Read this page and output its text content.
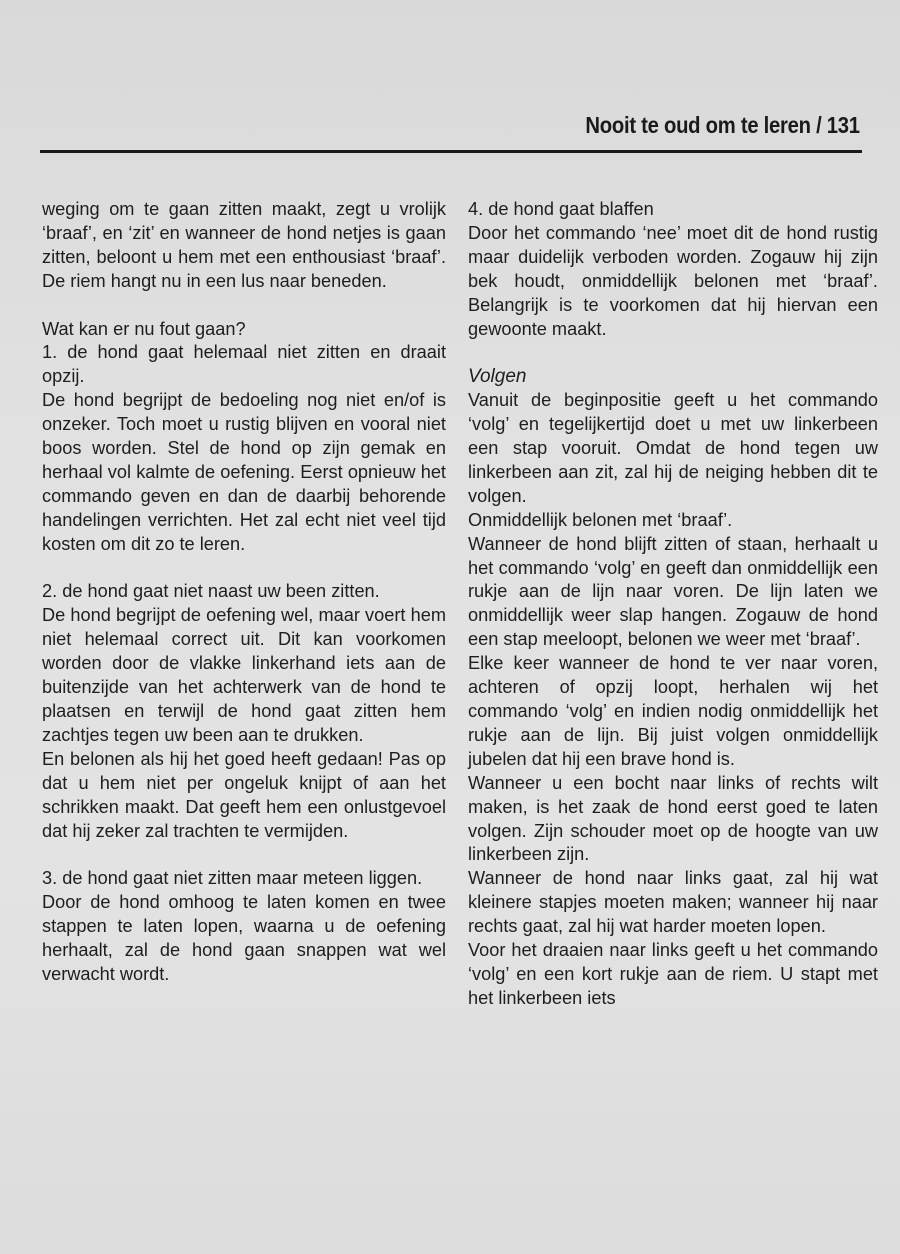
Nooit te oud om te leren / 131

weging om te gaan zitten maakt, zegt u vrolijk ‘braaf’, en ‘zit’ en wanneer de hond netjes is gaan zitten, beloont u hem met een enthousiast ‘braaf’. De riem hangt nu in een lus naar beneden.

Wat kan er nu fout gaan?

1. de hond gaat helemaal niet zitten en draait opzij.

De hond begrijpt de bedoeling nog niet en/of is onzeker. Toch moet u rustig blijven en vooral niet boos worden. Stel de hond op zijn gemak en herhaal vol kalmte de oefening. Eerst opnieuw het commando geven en dan de daarbij behorende handelingen verrichten. Het zal echt niet veel tijd kosten om dit zo te leren.

2. de hond gaat niet naast uw been zitten.

De hond begrijpt de oefening wel, maar voert hem niet helemaal correct uit. Dit kan voorkomen worden door de vlakke linkerhand iets aan de buitenzijde van het achterwerk van de hond te plaatsen en terwijl de hond gaat zitten hem zachtjes tegen uw been aan te drukken.

En belonen als hij het goed heeft gedaan! Pas op dat u hem niet per ongeluk knijpt of aan het schrikken maakt. Dat geeft hem een onlustgevoel dat hij zeker zal trachten te vermijden.

3. de hond gaat niet zitten maar meteen liggen.

Door de hond omhoog te laten komen en twee stappen te laten lopen, waarna u de oefening herhaalt, zal de hond gaan snappen wat wel verwacht wordt.

4. de hond gaat blaffen

Door het commando ‘nee’ moet dit de hond rustig maar duidelijk verboden worden. Zogauw hij zijn bek houdt, onmiddellijk belonen met ‘braaf’. Belangrijk is te voorkomen dat hij hiervan een gewoonte maakt.

Volgen

Vanuit de beginpositie geeft u het commando ‘volg’ en tegelijkertijd doet u met uw linkerbeen een stap vooruit. Omdat de hond tegen uw linkerbeen aan zit, zal hij de neiging hebben dit te volgen.

Onmiddellijk belonen met ‘braaf’.

Wanneer de hond blijft zitten of staan, herhaalt u het commando ‘volg’ en geeft dan onmiddellijk een rukje aan de lijn naar voren. De lijn laten we onmiddellijk weer slap hangen. Zogauw de hond een stap meeloopt, belonen we weer met ‘braaf’.

Elke keer wanneer de hond te ver naar voren, achteren of opzij loopt, herhalen wij het commando ‘volg’ en indien nodig onmiddellijk het rukje aan de lijn. Bij juist volgen onmiddellijk jubelen dat hij een brave hond is.

Wanneer u een bocht naar links of rechts wilt maken, is het zaak de hond eerst goed te laten volgen. Zijn schouder moet op de hoogte van uw linkerbeen zijn.

Wanneer de hond naar links gaat, zal hij wat kleinere stapjes moeten maken; wanneer hij naar rechts gaat, zal hij wat harder moeten lopen.

Voor het draaien naar links geeft u het commando ‘volg’ en een kort rukje aan de riem. U stapt met het linkerbeen iets
